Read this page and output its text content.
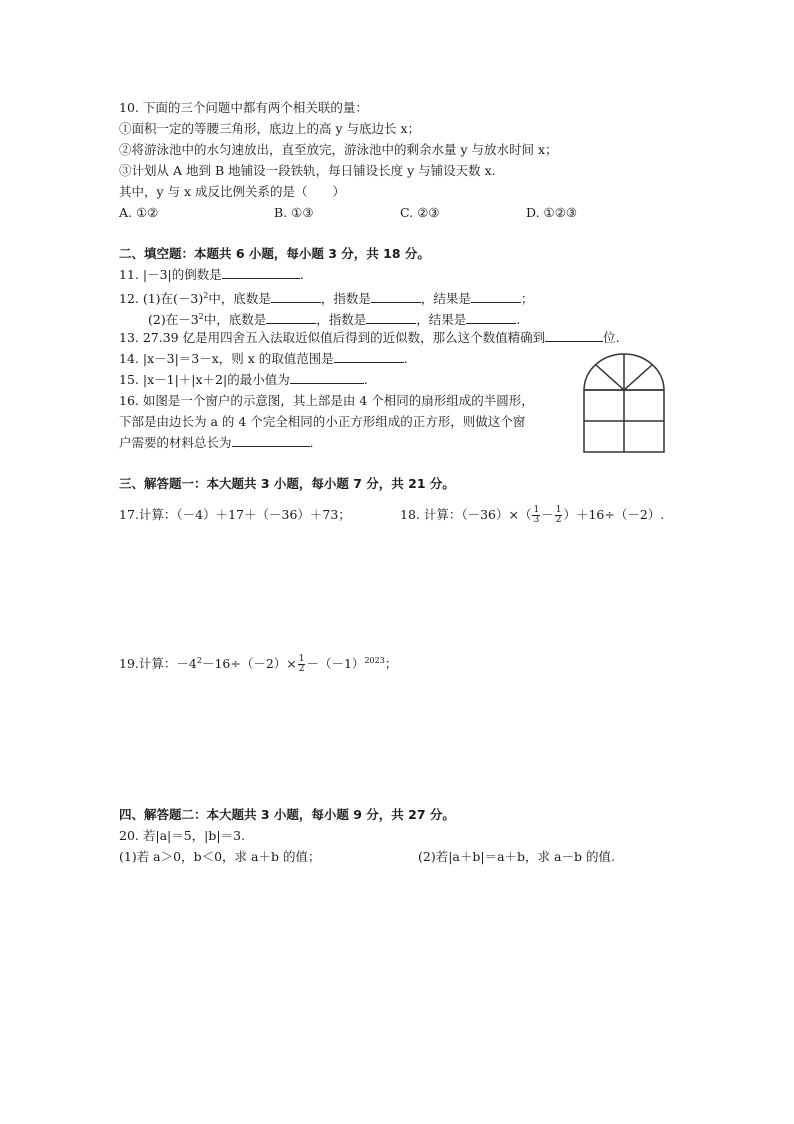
10. 下面的三个问题中都有两个相关联的量：
①面积一定的等腰三角形，底边上的高 y 与底边长 x；
②将游泳池中的水匀速放出，直至放完，游泳池中的剩余水量 y 与放水时间 x；
③计划从 A 地到 B 地铺设一段铁轨，每日铺设长度 y 与铺设天数 x.
其中，y 与 x 成反比例关系的是（　　）
A. ①②	B. ①③	C. ②③	D. ①②③
二、填空题：本题共 6 小题，每小题 3 分，共 18 分。
11. |－3|的倒数是	.
12. (1)在$(-3)^2$中，底数是	，指数是	，结果是	；
(2)在$-3^2$中，底数是	，指数是	，结果是	.
13. 27.39 亿是用四舍五入法取近似值后得到的近似数，那么这个数值精确到	位.
14. |x－3|＝3－x，则 x 的取值范围是	.
15. |x－1|＋|x＋2|的最小值为	.
16. 如图是一个窗户的示意图，其上部是由 4 个相同的扇形组成的半圆形，
下部是由边长为 a 的 4 个完全相同的小正方形组成的正方形，则做这个窗
户需要的材料总长为	.
三、解答题一：本大题共 3 小题，每小题 7 分，共 21 分。
17.计算：（－4）＋17＋（－36）＋73；	18. 计算：$(-36)\times( \frac{1}{3} - \frac{1}{2} )+16\div(-2)$.
19.计算：$-4^2-16\div(-2)\times \frac{1}{2} -(-1)^{2023}$；
四、解答题二：本大题共 3 小题，每小题 9 分，共 27 分。
20. 若|a|＝5，|b|＝3.
(1)若 a＞0，b＜0，求 a＋b 的值；	(2)若|a＋b|＝a＋b，求 a－b 的值.
